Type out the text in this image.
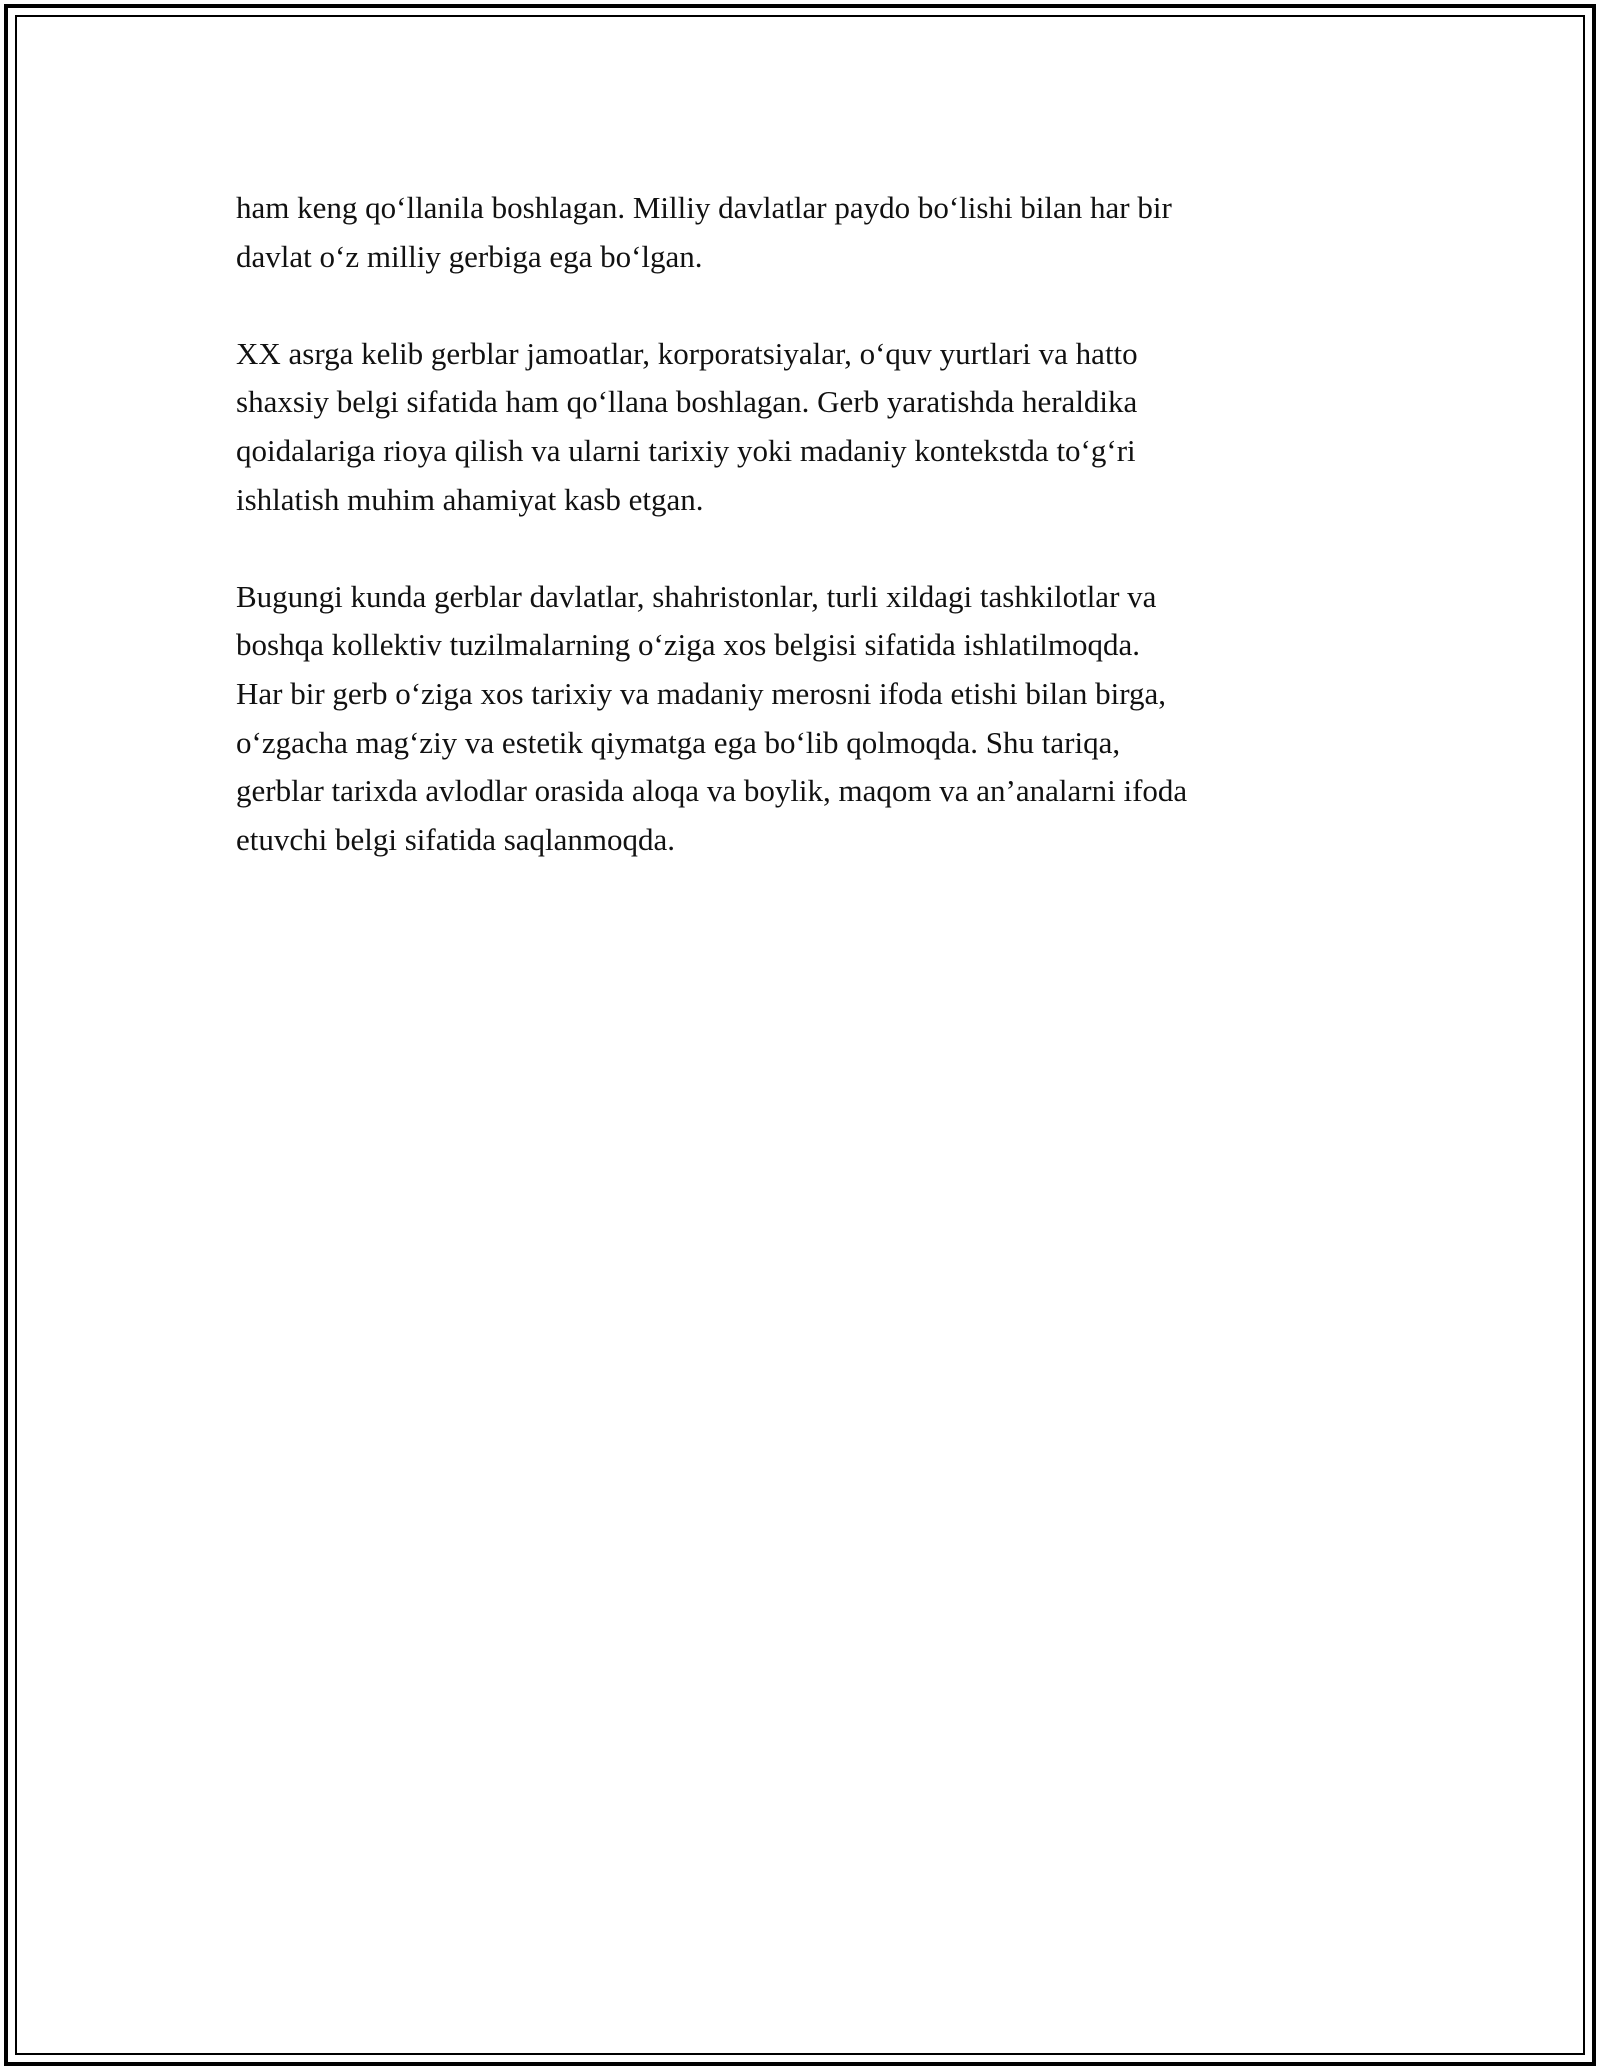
ham keng qo‘llanila boshlagan. Milliy davlatlar paydo bo‘lishi bilan har bir
davlat o‘z milliy gerbiga ega bo‘lgan.

XX asrga kelib gerblar jamoatlar, korporatsiyalar, o‘quv yurtlari va hatto
shaxsiy belgi sifatida ham qo‘llana boshlagan. Gerb yaratishda heraldika
qoidalariga rioya qilish va ularni tarixiy yoki madaniy kontekstda to‘g‘ri
ishlatish muhim ahamiyat kasb etgan.

Bugungi kunda gerblar davlatlar, shahristonlar, turli xildagi tashkilotlar va
boshqa kollektiv tuzilmalarning o‘ziga xos belgisi sifatida ishlatilmoqda.
Har bir gerb o‘ziga xos tarixiy va madaniy merosni ifoda etishi bilan birga,
o‘zgacha mag‘ziy va estetik qiymatga ega bo‘lib qolmoqda. Shu tariqa,
gerblar tarixda avlodlar orasida aloqa va boylik, maqom va an’analarni ifoda
etuvchi belgi sifatida saqlanmoqda.
